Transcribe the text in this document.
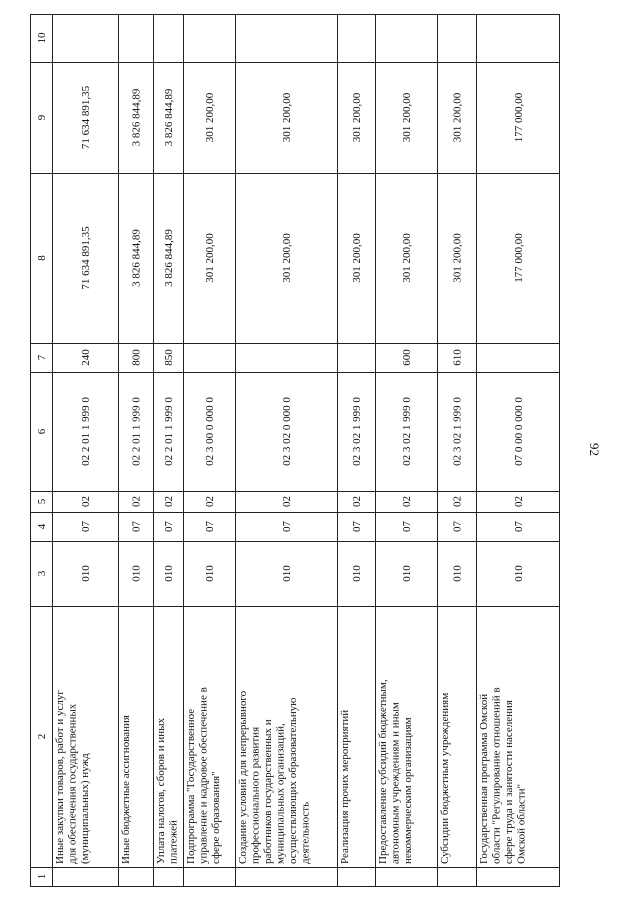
92
1
2
3
4
5
6
7
8
9
10
Иные закупки товаров, работ и услуг для обеспечения государственных (муниципальных) нужд
010
07
02
02 2 01 1 999 0
240
71 634 891,35
71 634 891,35
Иные бюджетные ассигнования
010
07
02
02 2 01 1 999 0
800
3 826 844,89
3 826 844,89
Уплата налогов, сборов и иных платежей
010
07
02
02 2 01 1 999 0
850
3 826 844,89
3 826 844,89
Подпрограмма "Государственное управление и кадровое обеспечение в сфере образования"
010
07
02
02 3 00 0 000 0
301 200,00
301 200,00
Создание условий для непрерывного профессионального развития работников государственных и муниципальных организаций, осуществляющих образовательную деятельность
010
07
02
02 3 02 0 000 0
301 200,00
301 200,00
Реализация прочих мероприятий
010
07
02
02 3 02 1 999 0
301 200,00
301 200,00
Предоставление субсидий бюджетным, автономным учреждениям и иным некоммерческим организациям
010
07
02
02 3 02 1 999 0
600
301 200,00
301 200,00
Субсидии бюджетным учреждениям
010
07
02
02 3 02 1 999 0
610
301 200,00
301 200,00
Государственная программа Омской области "Регулирование отношений в сфере труда и занятости населения Омской области"
010
07
02
07 0 00 0 000 0
177 000,00
177 000,00
